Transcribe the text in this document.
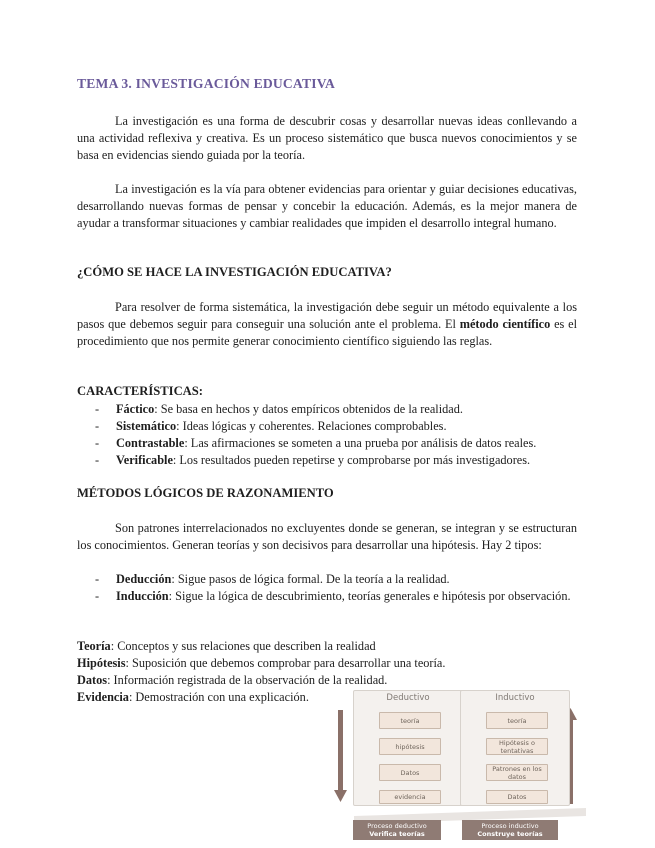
TEMA 3. INVESTIGACIÓN EDUCATIVA

La investigación es una forma de descubrir cosas y desarrollar nuevas ideas conllevando a una actividad reflexiva y creativa. Es un proceso sistemático que busca nuevos conocimientos y se basa en evidencias siendo guiada por la teoría.

La investigación es la vía para obtener evidencias para orientar y guiar decisiones educativas, desarrollando nuevas formas de pensar y concebir la educación. Además, es la mejor manera de ayudar a transformar situaciones y cambiar realidades que impiden el desarrollo integral humano.

¿CÓMO SE HACE LA INVESTIGACIÓN EDUCATIVA?

Para resolver de forma sistemática, la investigación debe seguir un método equivalente a los pasos que debemos seguir para conseguir una solución ante el problema. El método científico es el procedimiento que nos permite generar conocimiento científico siguiendo las reglas.

CARACTERÍSTICAS:
- Fáctico: Se basa en hechos y datos empíricos obtenidos de la realidad.
- Sistemático: Ideas lógicas y coherentes. Relaciones comprobables.
- Contrastable: Las afirmaciones se someten a una prueba por análisis de datos reales.
- Verificable: Los resultados pueden repetirse y comprobarse por más investigadores.
MÉTODOS LÓGICOS DE RAZONAMIENTO

Son patrones interrelacionados no excluyentes donde se generan, se integran y se estructuran los conocimientos. Generan teorías y son decisivos para desarrollar una hipótesis. Hay 2 tipos:

- Deducción: Sigue pasos de lógica formal. De la teoría a la realidad.
- Inducción: Sigue la lógica de descubrimiento, teorías generales e hipótesis por observación.
Teoría: Conceptos y sus relaciones que describen la realidad
Hipótesis: Suposición que debemos comprobar para desarrollar una teoría.
Datos: Información registrada de la observación de la realidad.
Evidencia: Demostración con una explicación.	Deductivo
teoría
hipótesis
Datos
evidencia
Inductivo
teoría
Hipótesis o tentativas
Patrones en los datos
Datos
Proceso deductivo
Verifica teorías
Proceso inductivo
Construye teorías
